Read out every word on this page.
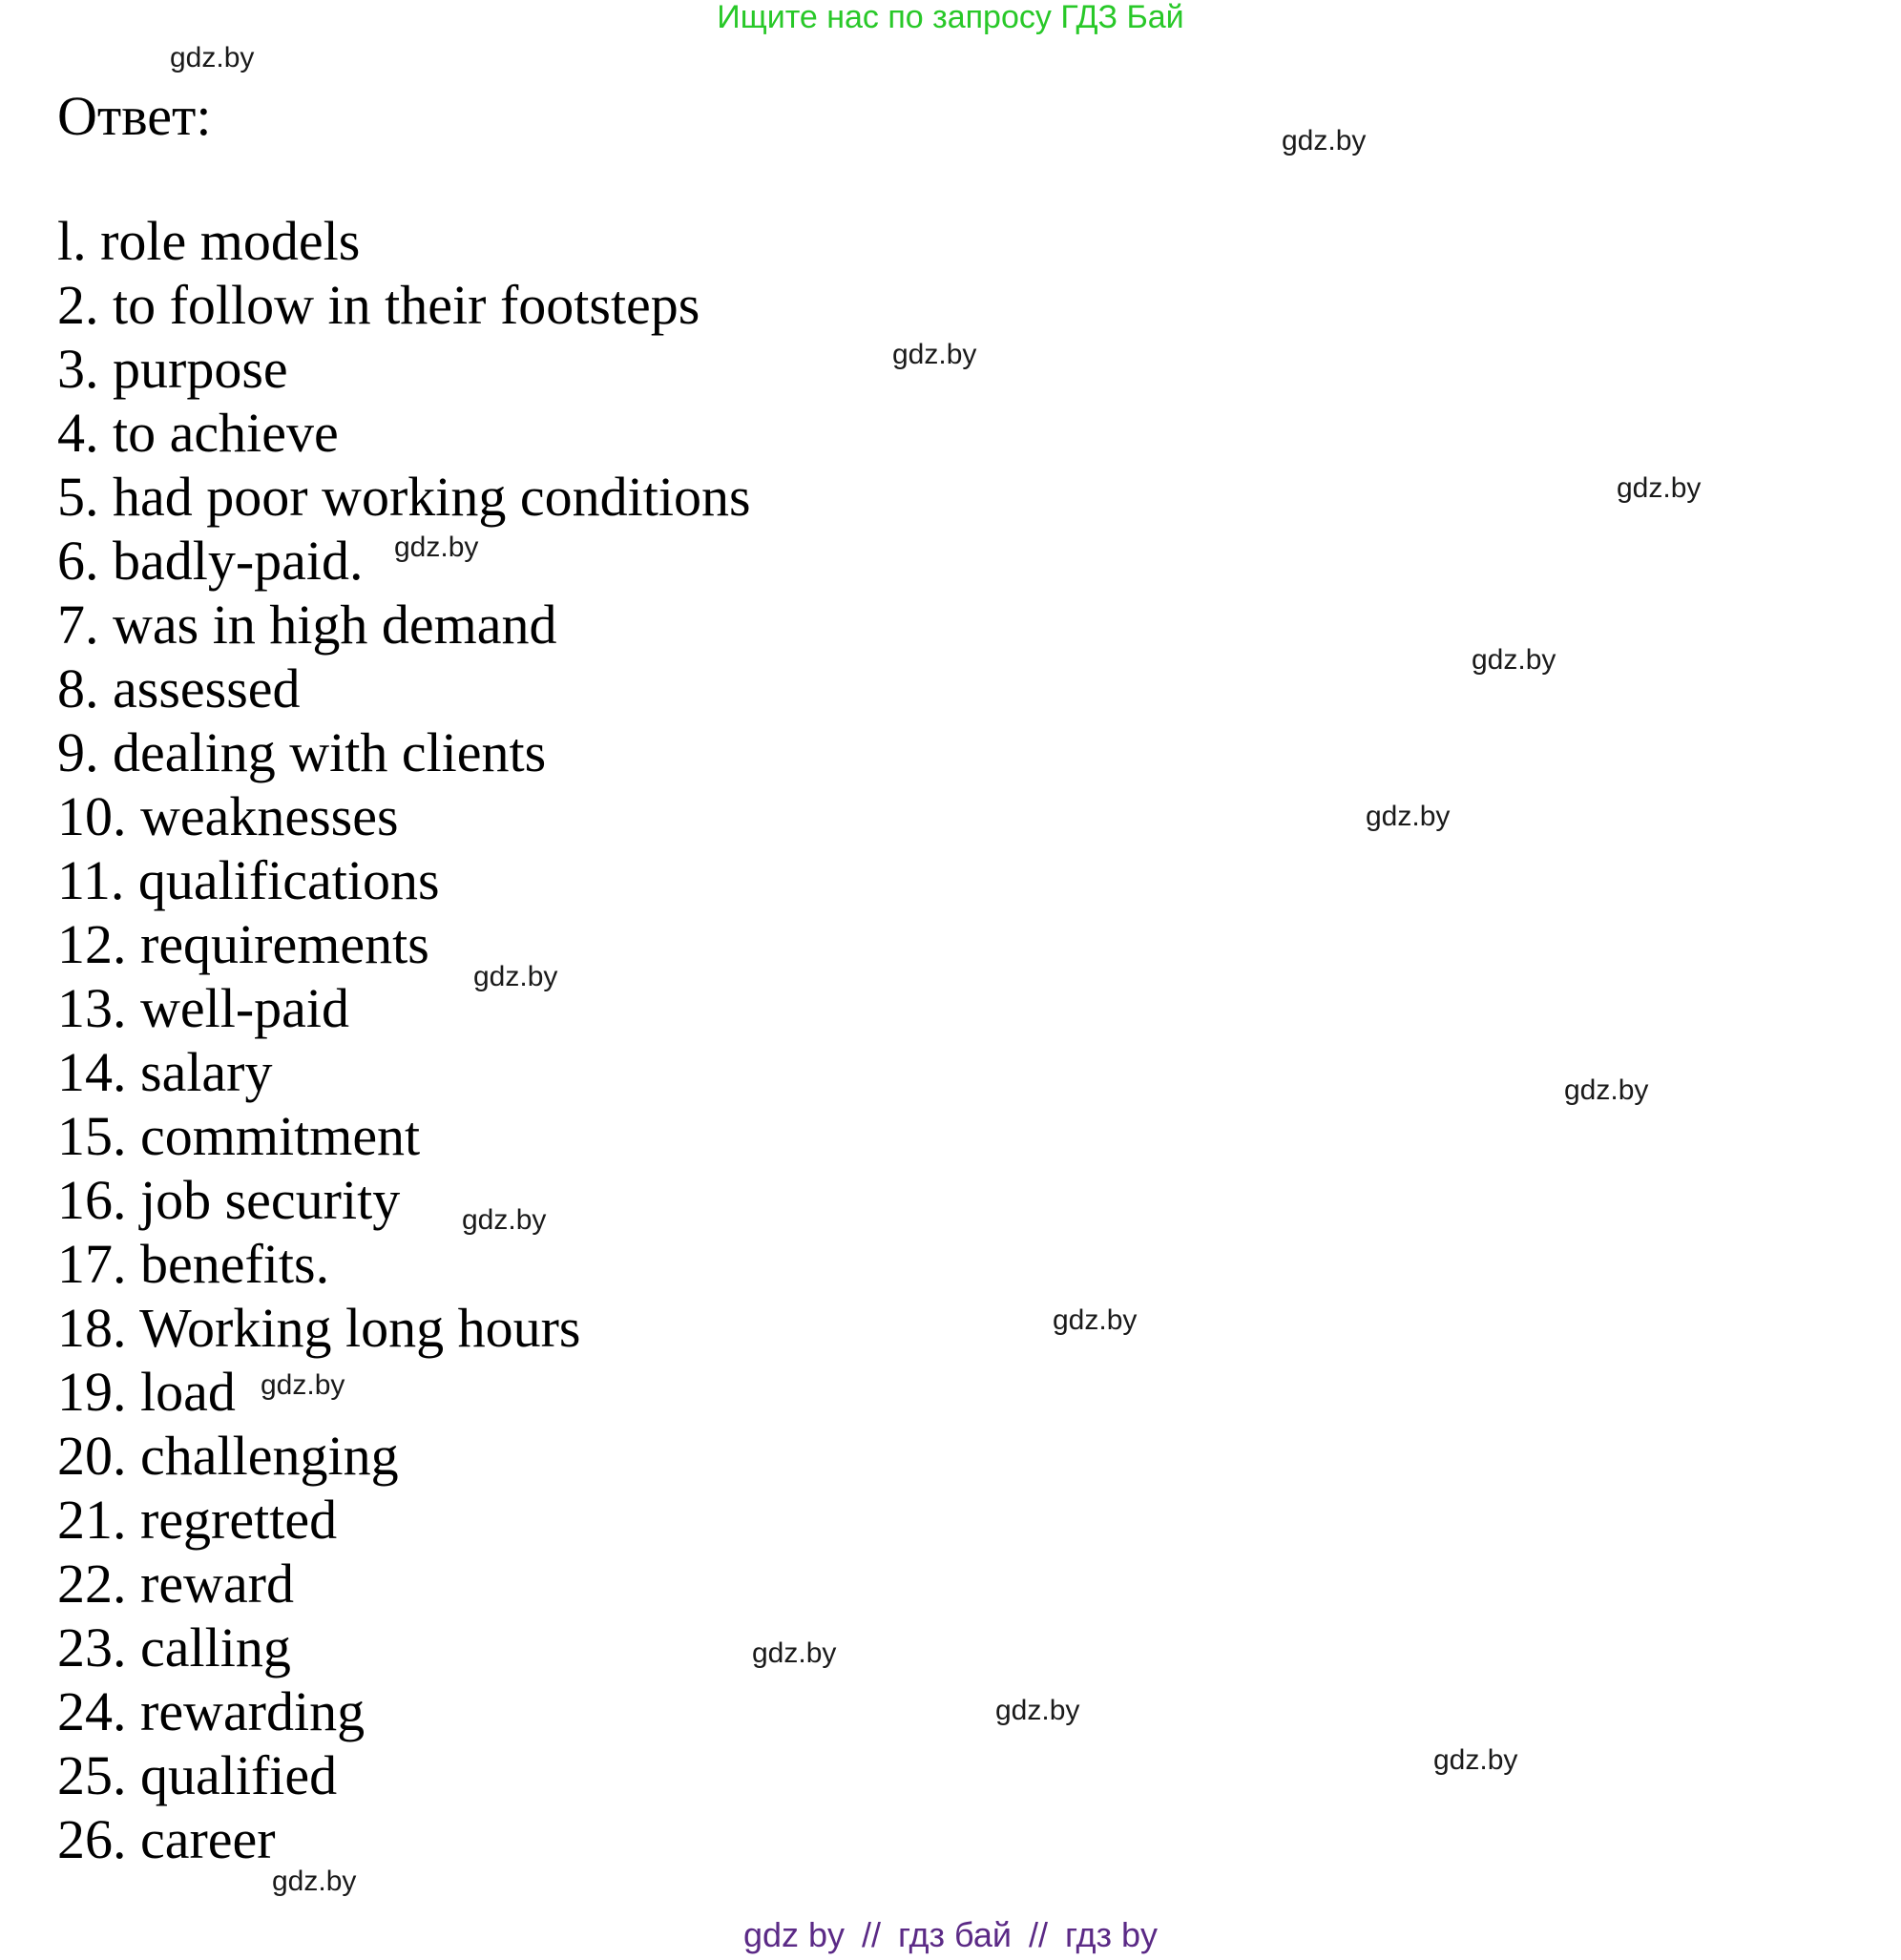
Ищите нас по запросу ГДЗ Бай
Ответ:
l. role models
2. to follow in their footsteps
3. purpose
4. to achieve
5. had poor working conditions
6. badly-paid.
7. was in high demand
8. assessed
9. dealing with clients
10. weaknesses
11. qualifications
12. requirements
13. well-paid
14. salary
15. commitment
16. job security
17. benefits.
18. Working long hours
19. load
20. challenging
21. regretted
22. reward
23. calling
24. rewarding
25. qualified
26. career
gdz.by
gdz.by
gdz.by
gdz.by
gdz.by
gdz.by
gdz.by
gdz.by
gdz.by
gdz.by
gdz.by
gdz.by
gdz.by
gdz.by
gdz.by
gdz.by
gdz by // гдз бай // гдз by
